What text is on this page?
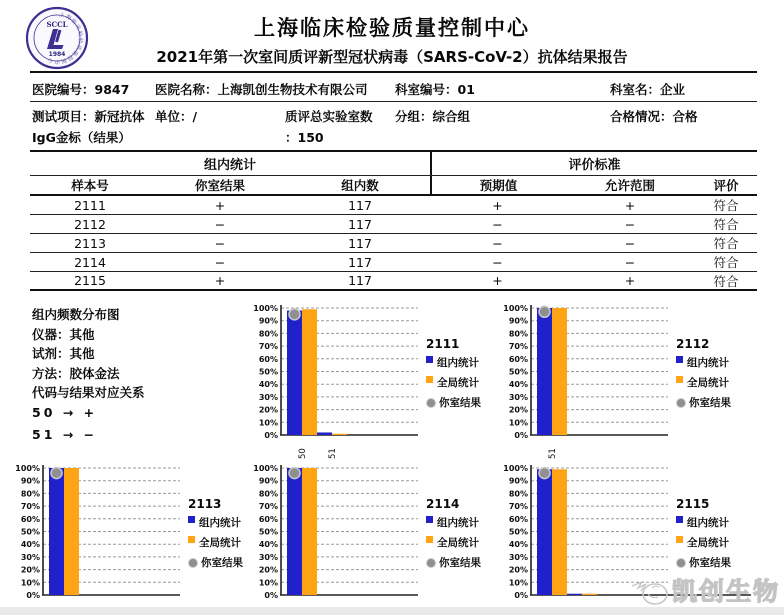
上海临床检验质量控制中心
SCCL
1984
上海临床检验质量控制中心
2021年第一次室间质评新型冠状病毒（SARS-CoV-2）抗体结果报告
医院编号：9847 医院名称：上海凯创生物技术有限公司 科室编号：01	科室名：企业
测试项目：新冠抗体
IgG金标（结果）
单位：/	质评总实验室数
：150
分组：综合组	合格情况：合格
组内统计	评价标准
样本号	你室结果	组内数	预期值	允许范围	评价
2111	+	117	+	+	符合
2112	−	117	−	−	符合
2113	−	117	−	−	符合
2114	−	117	−	−	符合
2115	+	117	+	+	符合
组内频数分布图
仪器：其他
试剂：其他
方法：胶体金法
代码与结果对应关系
50 → +
51 → −	0%
10%
20%
30%
40%
50%
60%
70%
80%
90%
100%
50 51
2111
组内统计
全局统计
你室结果
0%
10%
20%
30%
40%
50%
60%
70%
80%
90%
100%
51
2112
组内统计
全局统计
你室结果
0%
10%
20%
30%
40%
50%
60%
70%
80%
90%
100%
2113
组内统计
全局统计
你室结果
0%
10%
20%
30%
40%
50%
60%
70%
80%
90%
100%
2114
组内统计
全局统计
你室结果
0%
10%
20%
30%
40%
50%
60%
70%
80%
90%
100%
2115
组内统计
全局统计
你室结果
凯创生物
